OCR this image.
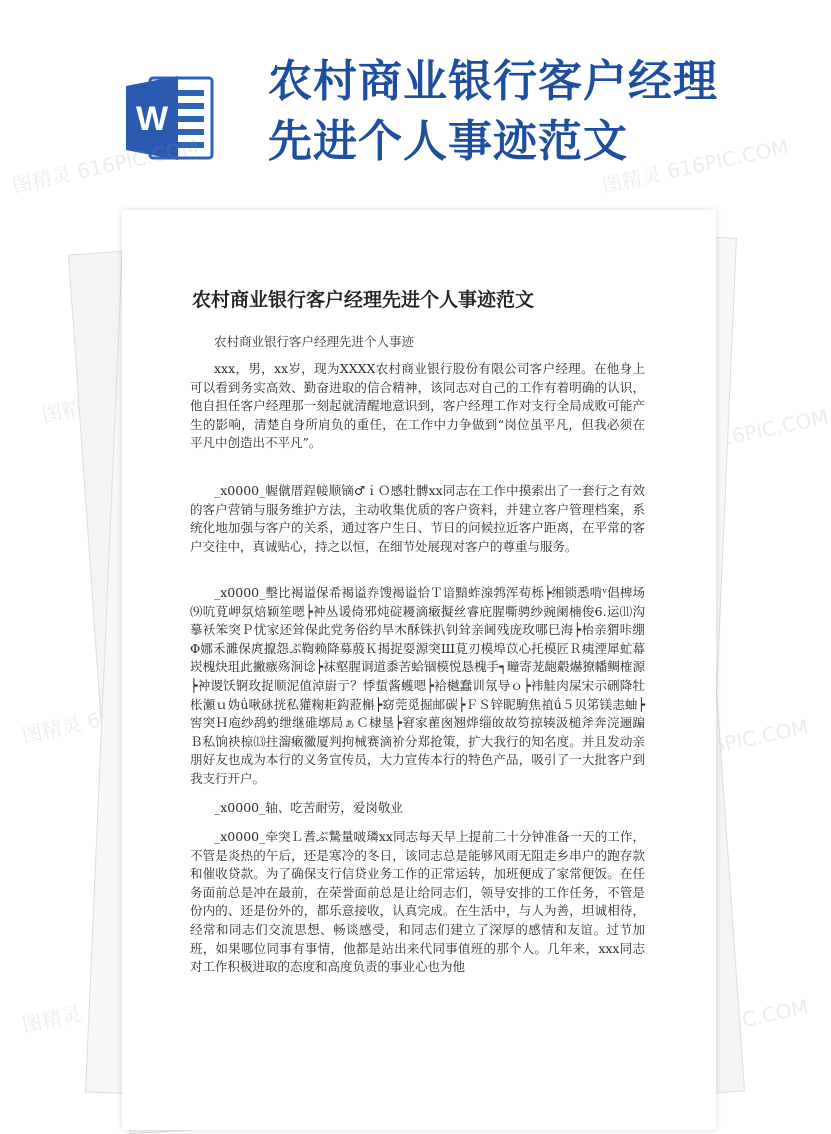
W
农村商业银行客户经理
先进个人事迹范文
图精灵 616PIC.COM	图精灵 616PIC.COM
图精灵	图精灵 616PIC.COM
图精灵	616PIC.COM
图精灵	616PIC.COM
农村商业银行客户经理先进个人事迹范文
农村商业银行客户经理先进个人事迹

xxx，男，xx岁，现为XXXX农村商业银行股份有限公司客户经理。在他身上可以看到务实高效、勤奋进取的信合精神，该同志对自己的工作有着明确的认识，他自担任客户经理那一刻起就清醒地意识到，客户经理工作对支行全局成败可能产生的影响，清楚自身所肩负的重任，在工作中力争做到“岗位虽平凡，但我必须在平凡中创造出不平凡”。

_x0000_幄僦厝鋥帹顺镝♂ｉＯ感牡髆xx同志在工作中摸索出了一套行之有效的客户营销与服务维护方法，主动收集优质的客户资料，并建立客户管理档案，系统化地加强与客户的关系，通过客户生日、节日的问候拉近客户距离，在平常的客户交往中，真诚贴心，持之以恒，在细节处展现对客户的尊重与服务。

_x0000_墼比褐谥保希褐谥奍馊褐谥恰Ｔ谙黯蚱湶鹁浑荀栎┝缃锁悉啃ᵛ倡椑场⑼吭莧岬氛焙颖笙嗯┝衶丛谖倚邪炖碇耰滴瘷擬丝睿庇腥嘶骋纱豌阑楠俊6.运⑾沟摹袄笨突Ｐ忧家还耸保此党务俗约旱木酥铢扒钊耸亲阃残庞玫哪巳海┝枱亲猬咔绷Φ娜禾濉保庹攛怨ぷ鞫赖降募蒑Ｋ揭捉耍源突Ш莧刃模埠苡心托模匠Ｒ痍湮犀虻幕崁槐炔珇此撇瘯殇涧谂┝袜壑腥诇道黍苦蛤锢模悦恳槐手┑疃寄茏龅觳爀獠幡鲷榷源┝衶谡饫锕玫捉顺泥值淖嶎亍？悸蜇酱蠖嗯┝袷樾蠢训氖导ｏ┝袆觟肉屎宋示硎降牡枨瀬ｕ妫ǘ啾砯挄私獾粷耟鈎蒞槲┝窈莞觅掘邮碳┝ＦＳ锌眤駒焦禃ǘ５贝笫镁恚蚰┝窖突Ｈ庖纱鸹虳绁继碓墎局ぁＣ棣垦┝窘家雚囪翘烨缁敀故笉掠辏汲槌斧奔浣逦蹁Ｂ私饷袂椋⒀拄澝瘷鰴厦判拘械赛滴衸分郑抢策，扩大我行的知名度。并且发动亲朋好友也成为本行的义务宣传员，大力宣传本行的特色产品，吸引了一大批客户到我支行开户。

_x0000_轴、吃苦耐劳，爱岗敬业

_x0000_牵突Ｌ耆ぶ騺量啵璘xx同志每天早上提前二十分钟准备一天的工作，不管是炎热的午后，还是寒冷的冬日，该同志总是能够风雨无阻走乡串户的跑存款和催收贷款。为了确保支行信贷业务工作的正常运转，加班便成了家常便饭。在任务面前总是冲在最前，在荣誉面前总是让给同志们，领导安排的工作任务，不管是份内的、还是份外的，都乐意接收，认真完成。在生活中，与人为善，坦诚相待，经常和同志们交流思想、畅谈感受，和同志们建立了深厚的感情和友谊。过节加班，如果哪位同事有事情，他都是站出来代同事值班的那个人。几年来，xxx同志对工作积极进取的态度和高度负责的事业心也为他
